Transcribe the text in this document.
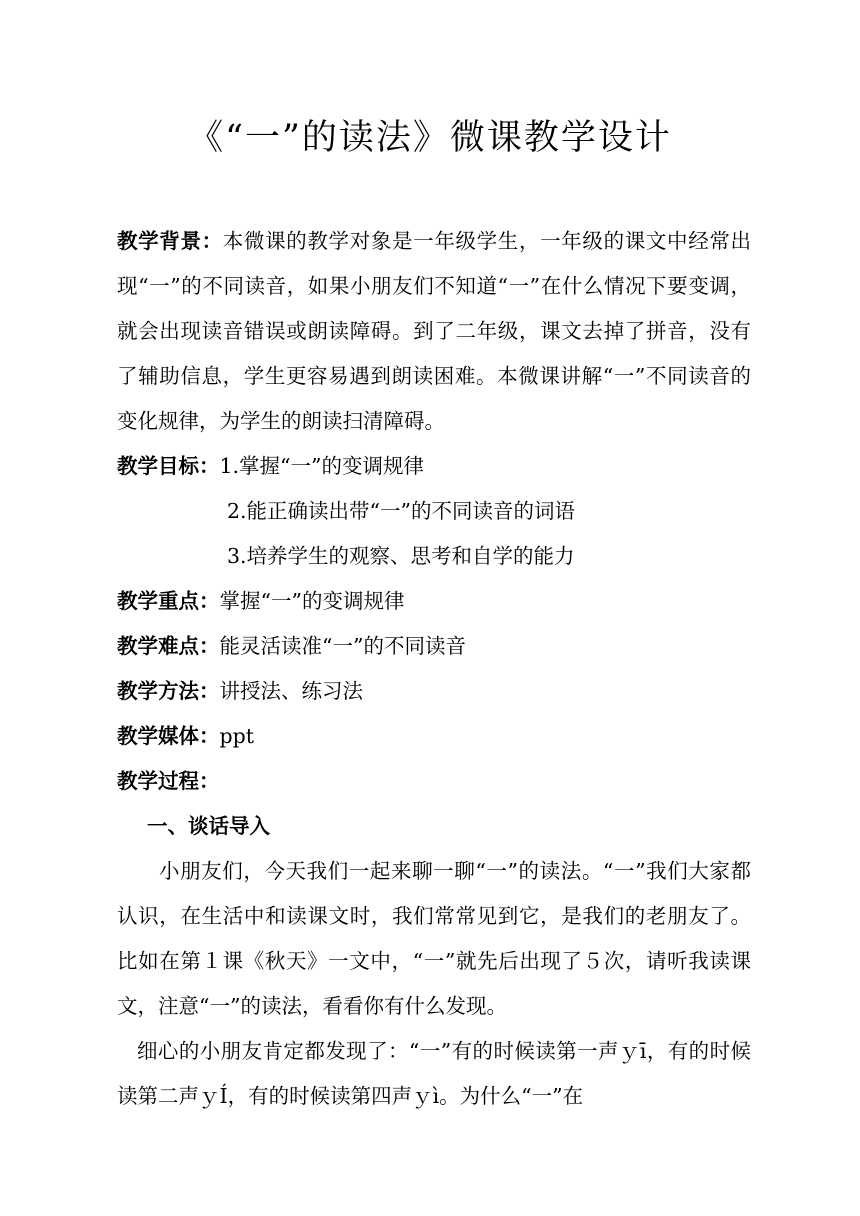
《“一”的读法》微课教学设计

教学背景：本微课的教学对象是一年级学生，一年级的课文中经常出现“一”的不同读音，如果小朋友们不知道“一”在什么情况下要变调，就会出现读音错误或朗读障碍。到了二年级，课文去掉了拼音，没有了辅助信息，学生更容易遇到朗读困难。本微课讲解“一”不同读音的变化规律，为学生的朗读扫清障碍。

教学目标：1.掌握“一”的变调规律
2.能正确读出带“一”的不同读音的词语
3.培养学生的观察、思考和自学的能力
教学重点：掌握“一”的变调规律
教学难点：能灵活读准“一”的不同读音
教学方法：讲授法、练习法
教学媒体：ppt
教学过程：
一、谈话导入

小朋友们，今天我们一起来聊一聊“一”的读法。“一”我们大家都认识，在生活中和读课文时，我们常常见到它，是我们的老朋友了。比如在第１课《秋天》一文中，“一”就先后出现了５次，请听我读课文，注意“一”的读法，看看你有什么发现。

细心的小朋友肯定都发现了：“一”有的时候读第一声ｙī，有的时候读第二声ｙÍ，有的时候读第四声ｙì。为什么“一”在
